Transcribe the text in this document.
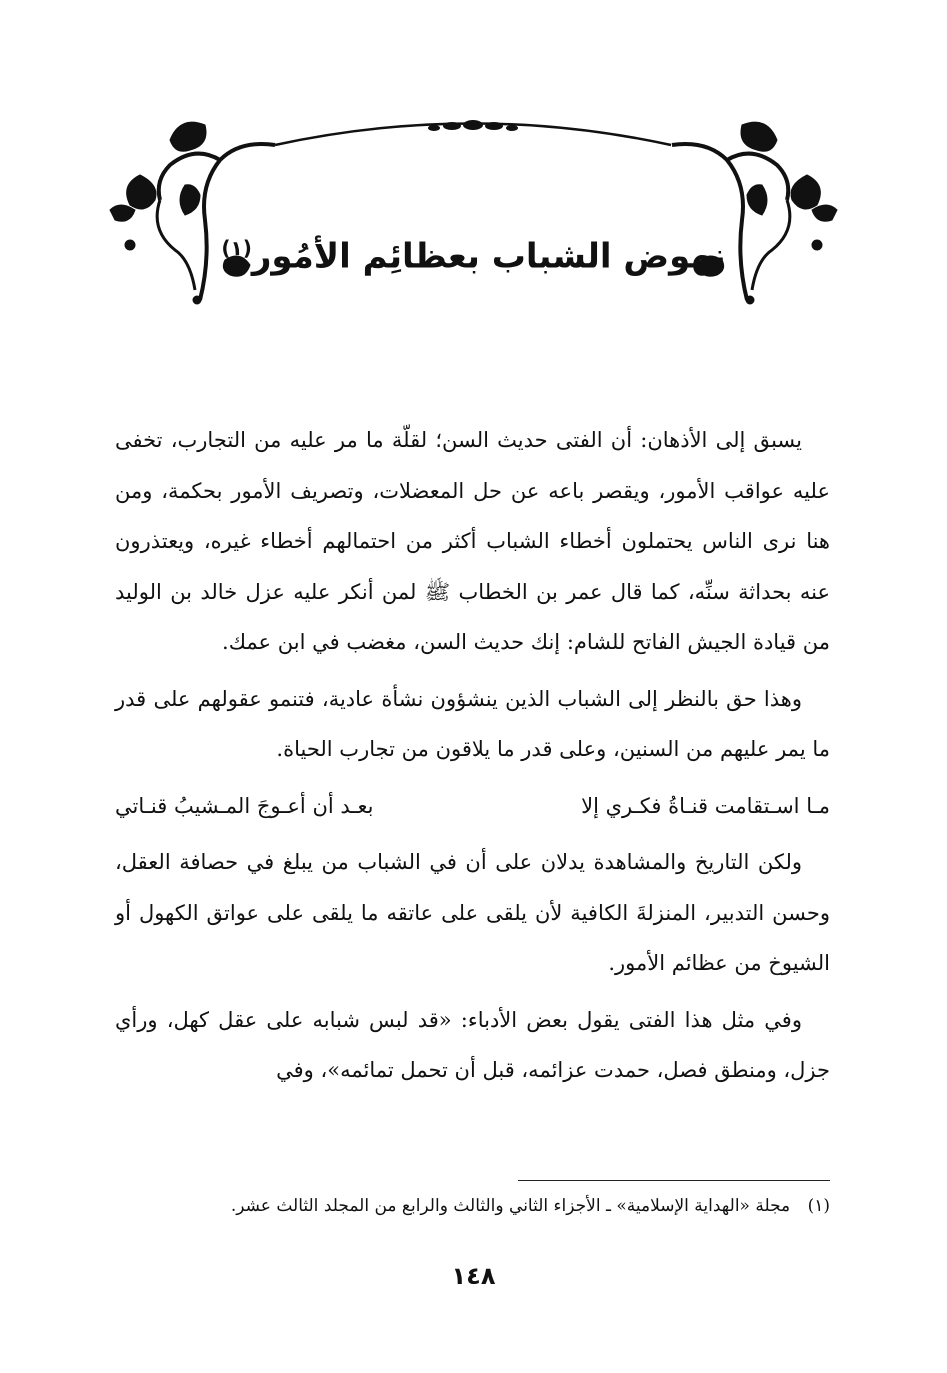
نهوض الشباب بعظائِم الأمُور$^{(١)}$

يسبق إلى الأذهان: أن الفتى حديث السن؛ لقلّة ما مر عليه من التجارب، تخفى عليه عواقب الأمور، ويقصر باعه عن حل المعضلات، وتصريف الأمور بحكمة، ومن هنا نرى الناس يحتملون أخطاء الشباب أكثر من احتمالهم أخطاء غيره، ويعتذرون عنه بحداثة سنِّه، كما قال عمر بن الخطاب ﷺ لمن أنكر عليه عزل خالد بن الوليد من قيادة الجيش الفاتح للشام: إنك حديث السن، مغضب في ابن عمك.

وهذا حق بالنظر إلى الشباب الذين ينشؤون نشأة عادية، فتنمو عقولهم على قدر ما يمر عليهم من السنين، وعلى قدر ما يلاقون من تجارب الحياة.

مـا اسـتقامت قنـاةُ فكـري إلا
بعـد أن أعـوجَ المـشيبُ قنـاتي

ولكن التاريخ والمشاهدة يدلان على أن في الشباب من يبلغ في حصافة العقل، وحسن التدبير، المنزلةَ الكافية لأن يلقى على عاتقه ما يلقى على عواتق الكهول أو الشيوخ من عظائم الأمور.

وفي مثل هذا الفتى يقول بعض الأدباء: «قد لبس شبابه على عقل كهل، ورأي جزل، ومنطق فصل، حمدت عزائمه، قبل أن تحمل تمائمه»، وفي

(١) مجلة «الهداية الإسلامية» ـ الأجزاء الثاني والثالث والرابع من المجلد الثالث عشر.
١٤٨
